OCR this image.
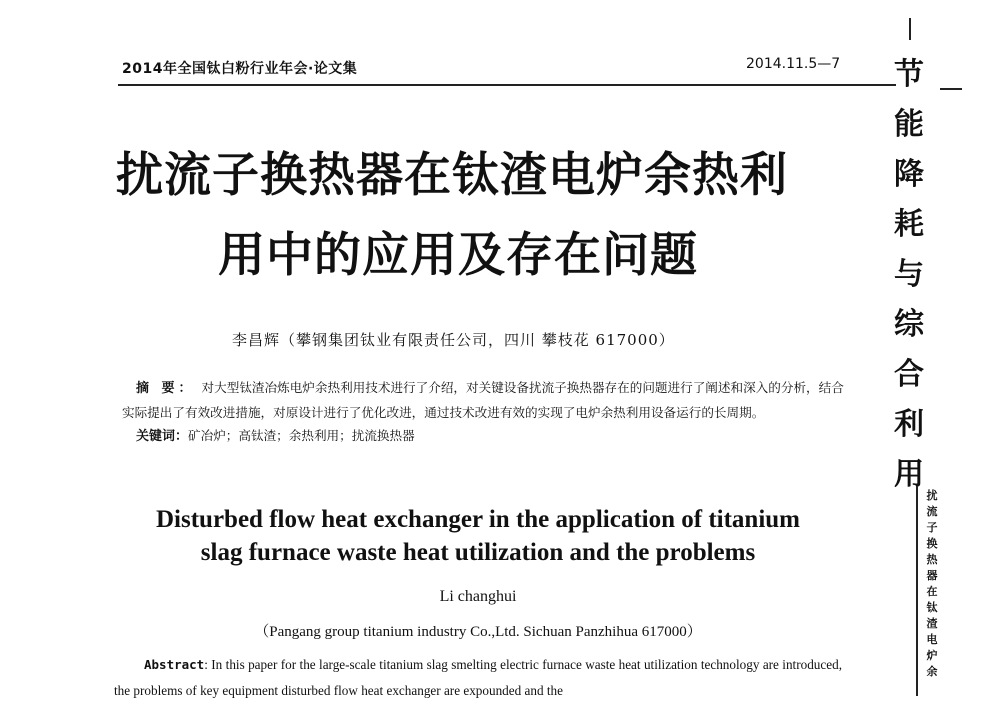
2014年全国钛白粉行业年会·论文集	2014.11.5—7
扰流子换热器在钛渣电炉余热利
用中的应用及存在问题
李昌辉（攀钢集团钛业有限责任公司，四川 攀枝花 617000）
摘 要： 对大型钛渣冶炼电炉余热利用技术进行了介绍，对关键设备扰流子换热器存在的问题进行了阐述和深入的分析，结合实际提出了有效改进措施，对原设计进行了优化改进，通过技术改进有效的实现了电炉余热利用设备运行的长周期。
关键词：矿冶炉；高钛渣；余热利用；扰流换热器
Disturbed flow heat exchanger in the application of titanium
slag furnace waste heat utilization and the problems
Li changhui
（Pangang group titanium industry Co.,Ltd. Sichuan Panzhihua 617000）
Abstract: In this paper for the large-scale titanium slag smelting electric furnace waste heat utilization technology are introduced, the problems of key equipment disturbed flow heat exchanger are expounded and the
节
能
降
耗
与
综
合
利
用
扰
流
子
换
热
器
在
钛
渣
电
炉
余
